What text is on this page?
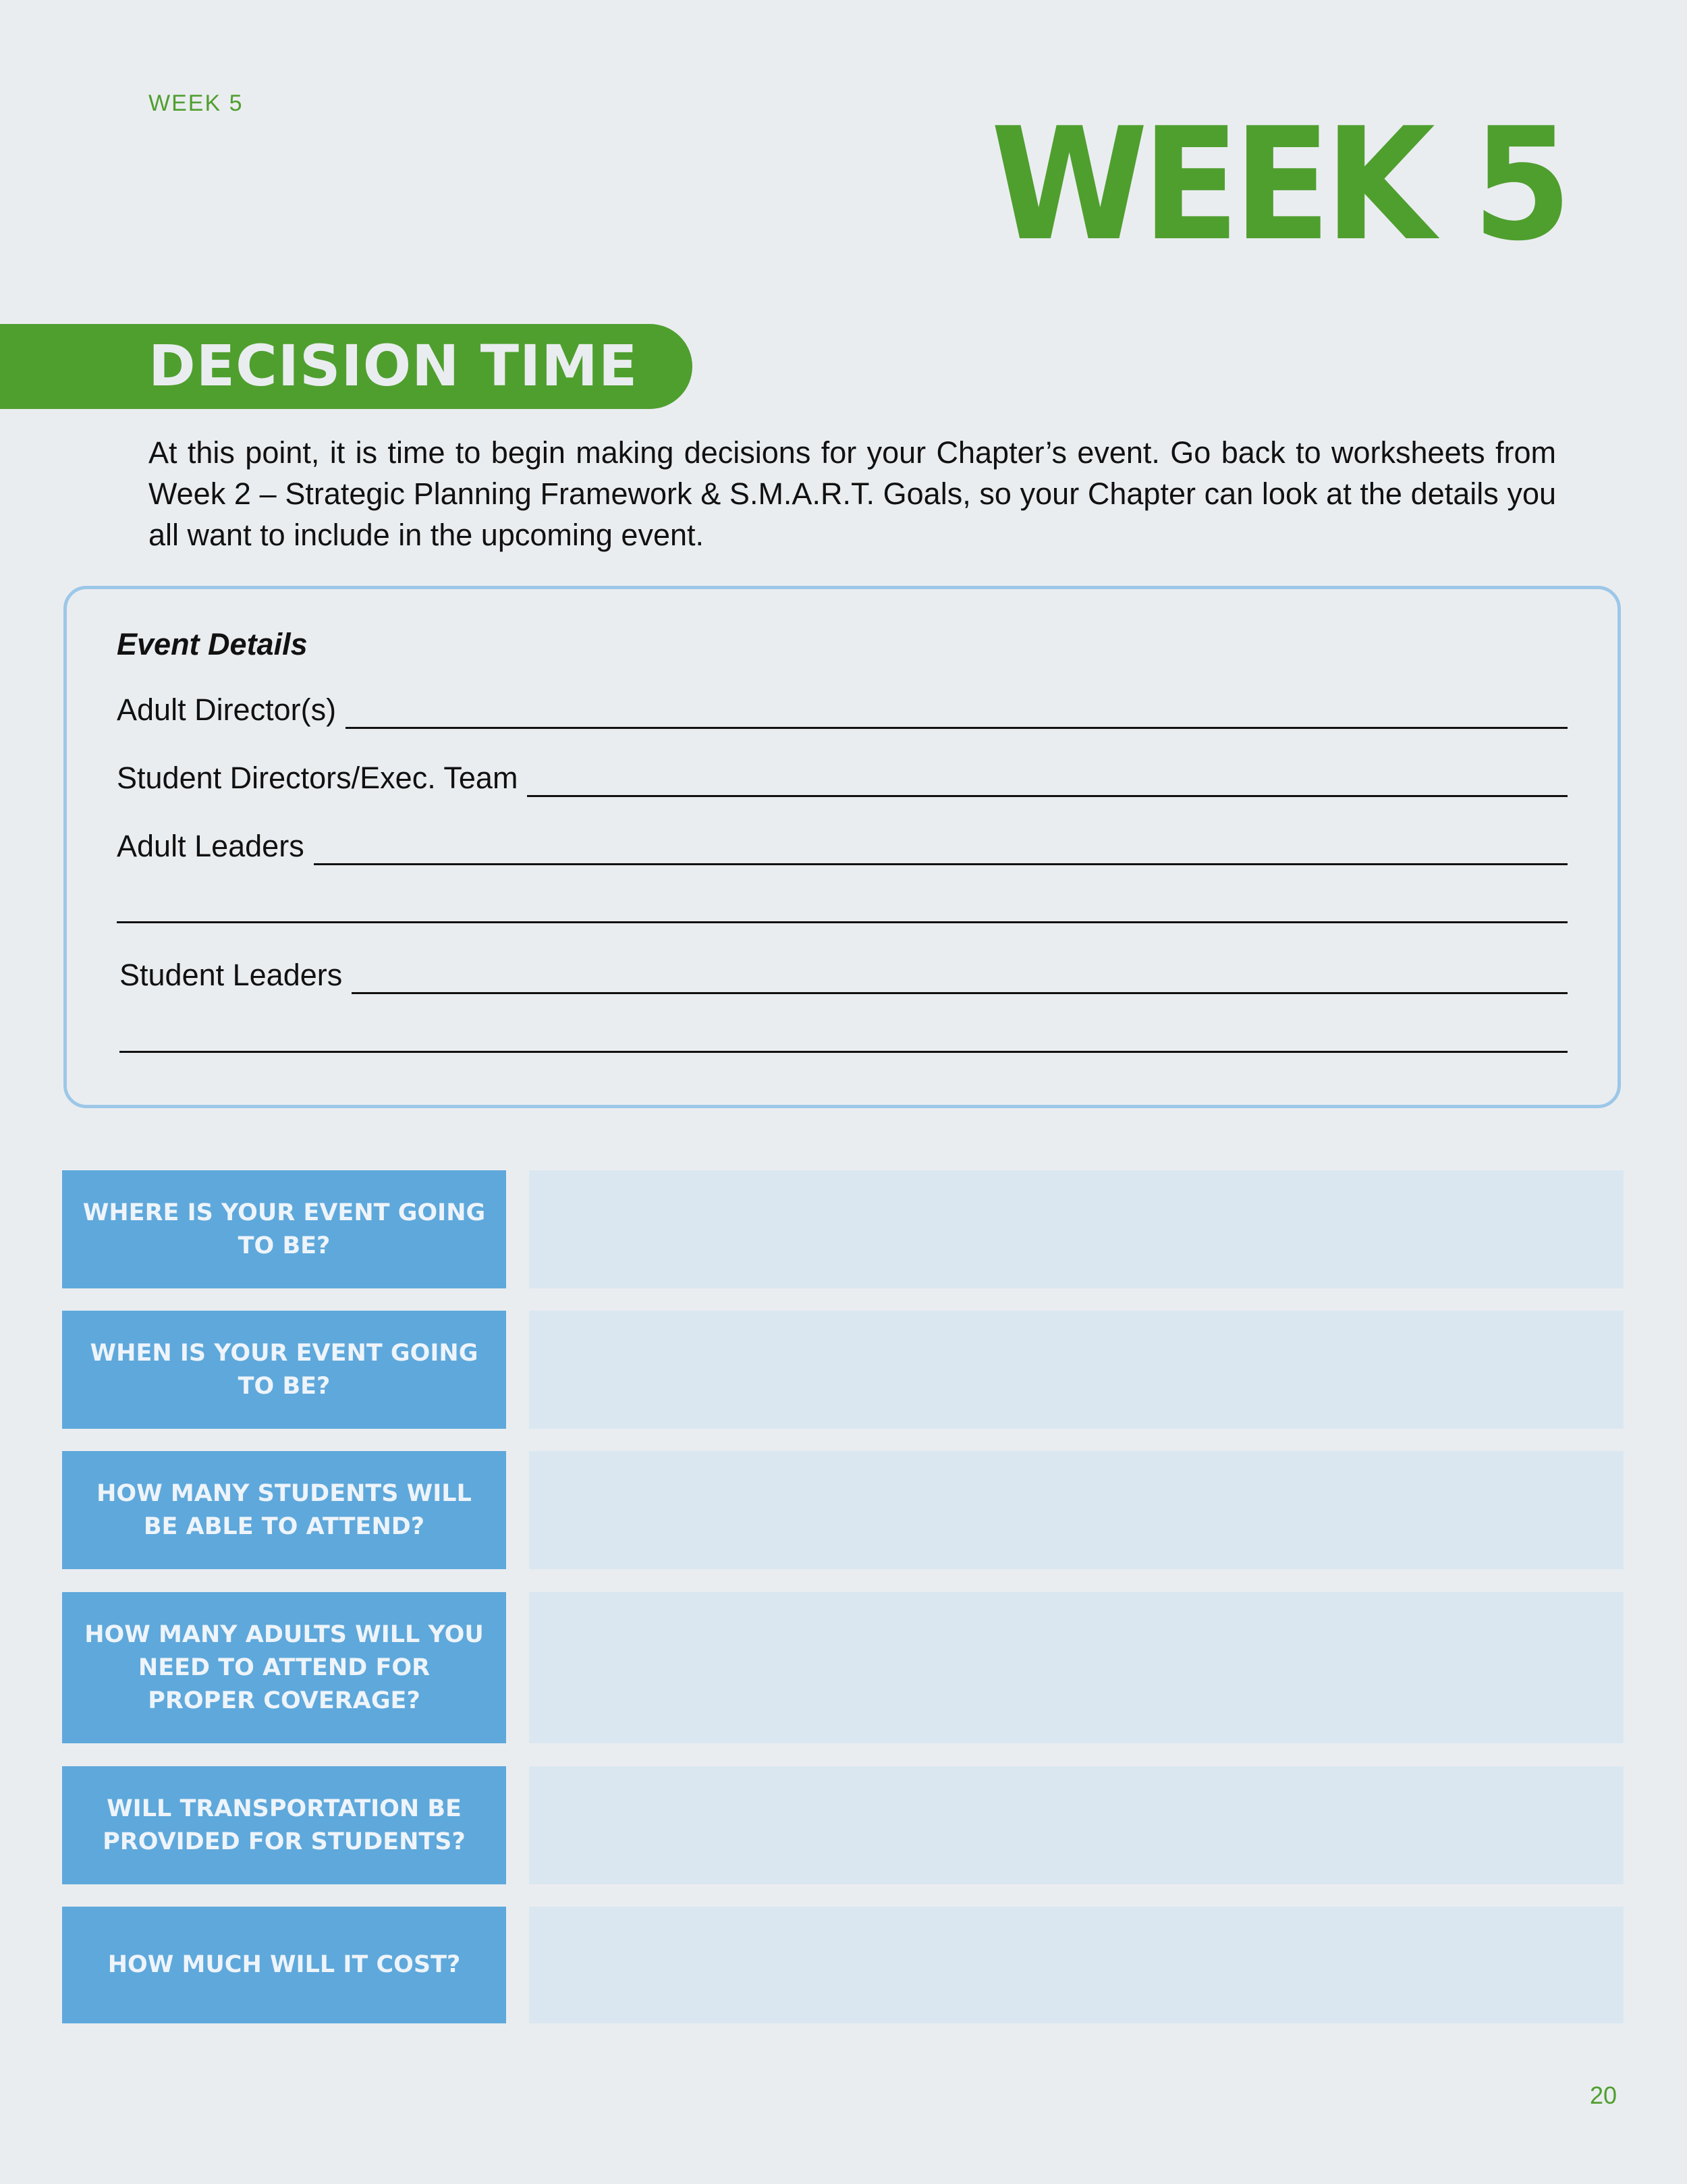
WEEK 5	WEEK 5
DECISION TIME
At this point, it is time to begin making decisions for your Chapter’s event. Go back to worksheets from Week 2 – Strategic Planning Framework & S.M.A.R.T. Goals, so your Chapter can look at the details you all want to include in the upcoming event.
Event Details
Adult Director(s)
Student Directors/Exec. Team
Adult Leaders
Student Leaders
WHERE IS YOUR EVENT GOING TO BE?
WHEN IS YOUR EVENT GOING TO BE?
HOW MANY STUDENTS WILL BE ABLE TO ATTEND?
HOW MANY ADULTS WILL YOU NEED TO ATTEND FOR PROPER COVERAGE?
WILL TRANSPORTATION BE PROVIDED FOR STUDENTS?
HOW MUCH WILL IT COST?
20
